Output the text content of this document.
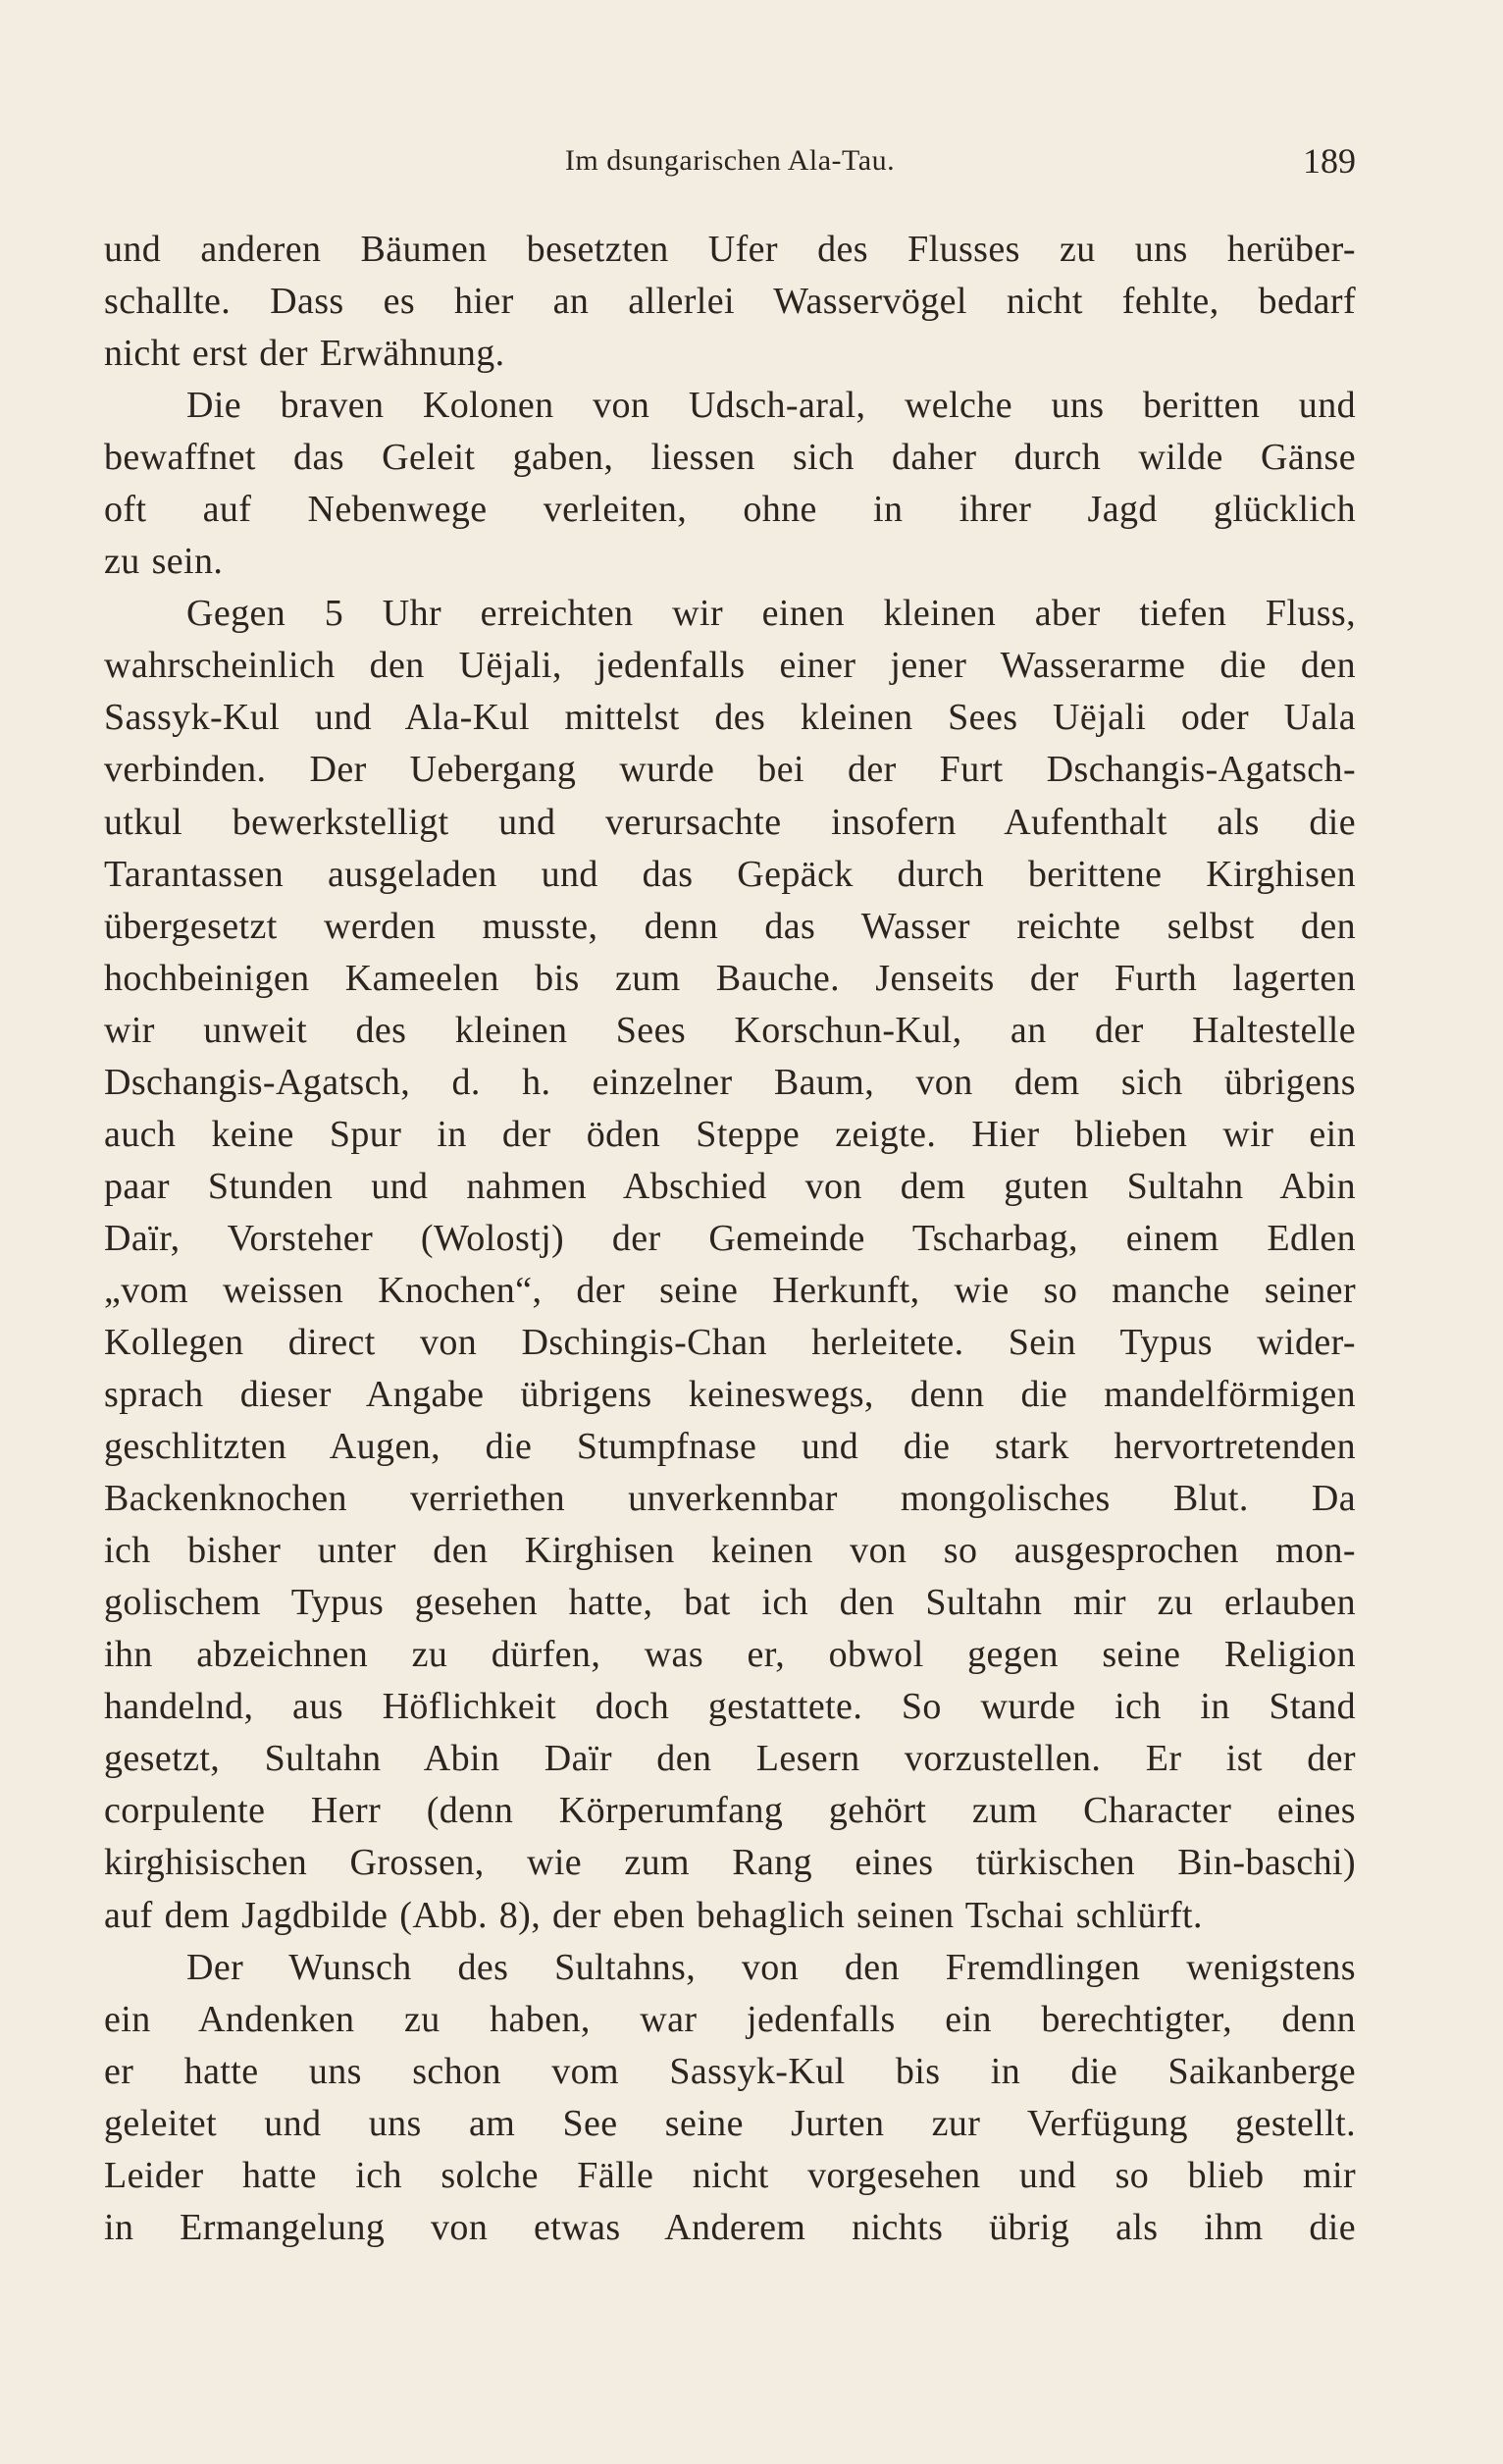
Im dsungarischen Ala-Tau.	189
und anderen Bäumen besetzten Ufer des Flusses zu uns herüber-
schallte. Dass es hier an allerlei Wasservögel nicht fehlte, bedarf
nicht erst der Erwähnung.
Die braven Kolonen von Udsch-aral, welche uns beritten und
bewaffnet das Geleit gaben, liessen sich daher durch wilde Gänse
oft auf Nebenwege verleiten, ohne in ihrer Jagd glücklich
zu sein.
Gegen 5 Uhr erreichten wir einen kleinen aber tiefen Fluss,
wahrscheinlich den Uëjali, jedenfalls einer jener Wasserarme die den
Sassyk-Kul und Ala-Kul mittelst des kleinen Sees Uëjali oder Uala
verbinden. Der Uebergang wurde bei der Furt Dschangis-Agatsch-
utkul bewerkstelligt und verursachte insofern Aufenthalt als die
Tarantassen ausgeladen und das Gepäck durch berittene Kirghisen
übergesetzt werden musste, denn das Wasser reichte selbst den
hochbeinigen Kameelen bis zum Bauche. Jenseits der Furth lagerten
wir unweit des kleinen Sees Korschun-Kul, an der Haltestelle
Dschangis-Agatsch, d. h. einzelner Baum, von dem sich übrigens
auch keine Spur in der öden Steppe zeigte. Hier blieben wir ein
paar Stunden und nahmen Abschied von dem guten Sultahn Abin
Daïr, Vorsteher (Wolostj) der Gemeinde Tscharbag, einem Edlen
„vom weissen Knochen“, der seine Herkunft, wie so manche seiner
Kollegen direct von Dschingis-Chan herleitete. Sein Typus wider-
sprach dieser Angabe übrigens keineswegs, denn die mandelförmigen
geschlitzten Augen, die Stumpfnase und die stark hervortretenden
Backenknochen verriethen unverkennbar mongolisches Blut. Da
ich bisher unter den Kirghisen keinen von so ausgesprochen mon-
golischem Typus gesehen hatte, bat ich den Sultahn mir zu erlauben
ihn abzeichnen zu dürfen, was er, obwol gegen seine Religion
handelnd, aus Höflichkeit doch gestattete. So wurde ich in Stand
gesetzt, Sultahn Abin Daïr den Lesern vorzustellen. Er ist der
corpulente Herr (denn Körperumfang gehört zum Character eines
kirghisischen Grossen, wie zum Rang eines türkischen Bin-baschi)
auf dem Jagdbilde (Abb. 8), der eben behaglich seinen Tschai schlürft.
Der Wunsch des Sultahns, von den Fremdlingen wenigstens
ein Andenken zu haben, war jedenfalls ein berechtigter, denn
er hatte uns schon vom Sassyk-Kul bis in die Saikanberge
geleitet und uns am See seine Jurten zur Verfügung gestellt.
Leider hatte ich solche Fälle nicht vorgesehen und so blieb mir
in Ermangelung von etwas Anderem nichts übrig als ihm die
